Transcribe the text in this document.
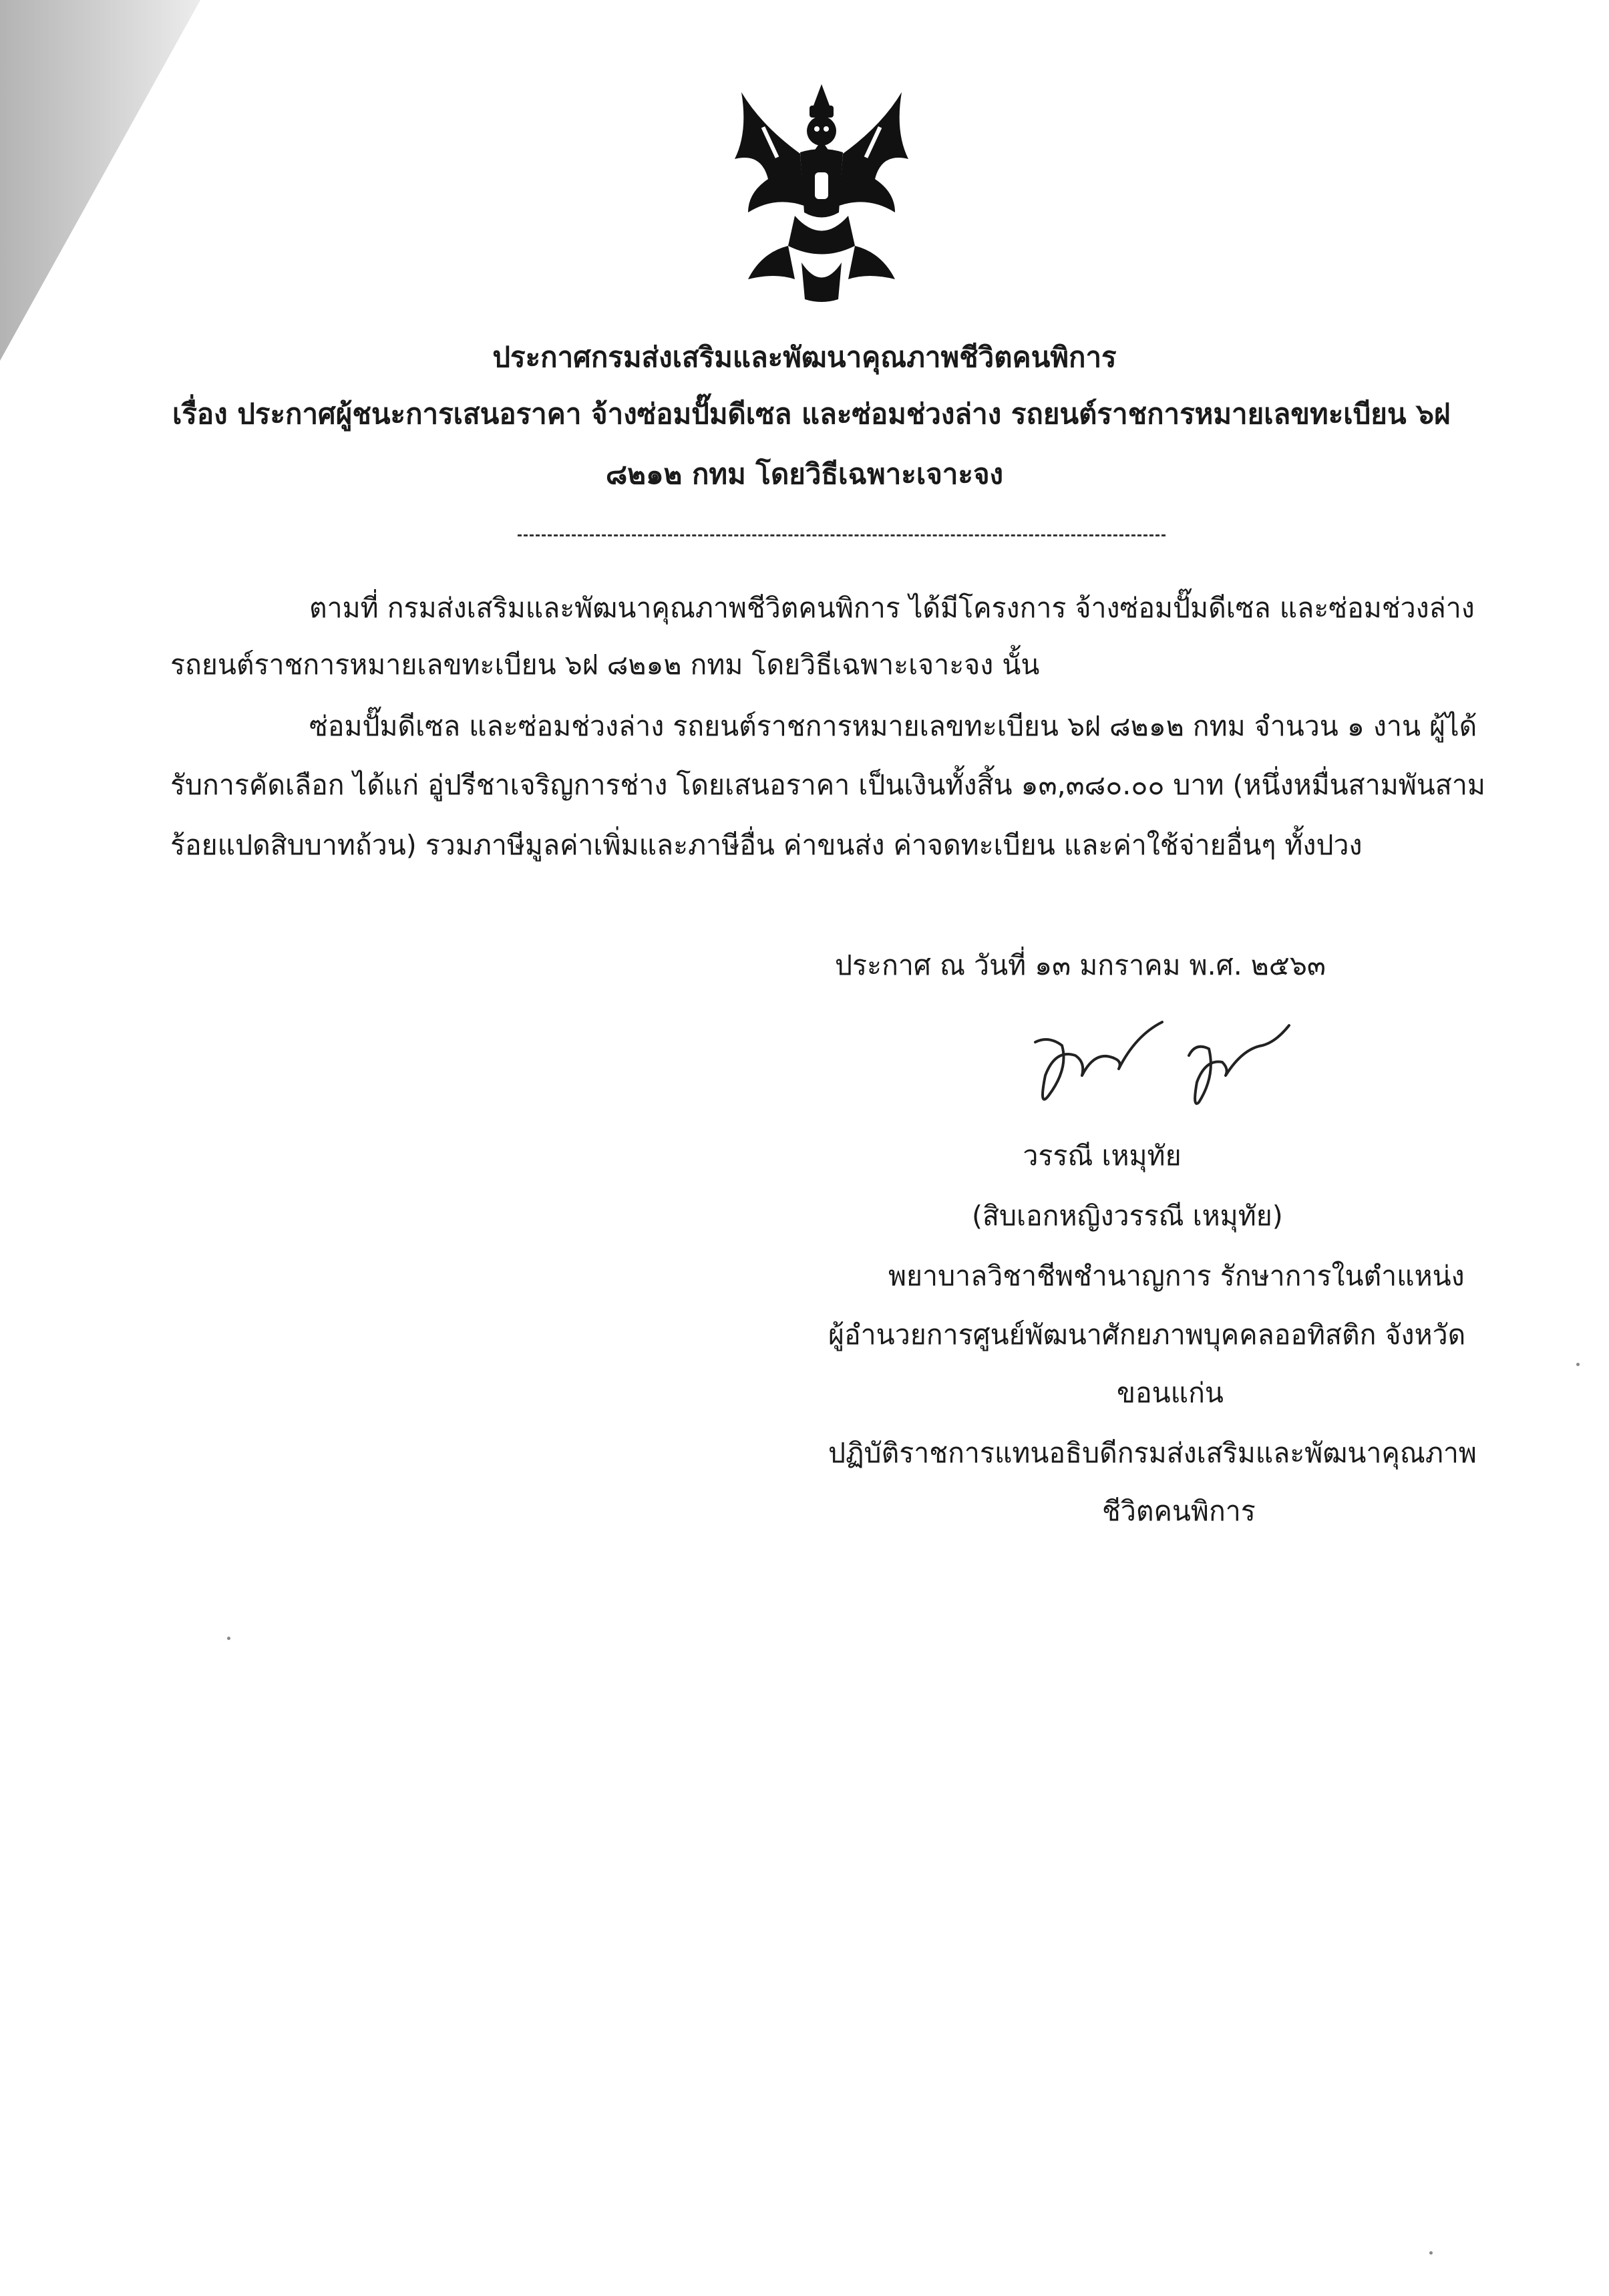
ประกาศกรมส่งเสริมและพัฒนาคุณภาพชีวิตคนพิการ
เรื่อง ประกาศผู้ชนะการเสนอราคา จ้างซ่อมปั๊มดีเซล และซ่อมช่วงล่าง รถยนต์ราชการหมายเลขทะเบียน ๖ฝ
๘๒๑๒ กทม โดยวิธีเฉพาะเจาะจง
ตามที่ กรมส่งเสริมและพัฒนาคุณภาพชีวิตคนพิการ ได้มีโครงการ จ้างซ่อมปั๊มดีเซล และซ่อมช่วงล่าง
รถยนต์ราชการหมายเลขทะเบียน ๖ฝ ๘๒๑๒ กทม โดยวิธีเฉพาะเจาะจง นั้น
ซ่อมปั๊มดีเซล และซ่อมช่วงล่าง รถยนต์ราชการหมายเลขทะเบียน ๖ฝ ๘๒๑๒ กทม จำนวน ๑ งาน ผู้ได้
รับการคัดเลือก ได้แก่ อู่ปรีชาเจริญการช่าง โดยเสนอราคา เป็นเงินทั้งสิ้น ๑๓,๓๘๐.๐๐ บาท (หนึ่งหมื่นสามพันสาม
ร้อยแปดสิบบาทถ้วน) รวมภาษีมูลค่าเพิ่มและภาษีอื่น ค่าขนส่ง ค่าจดทะเบียน และค่าใช้จ่ายอื่นๆ ทั้งปวง
ประกาศ ณ วันที่ ๑๓ มกราคม พ.ศ. ๒๕๖๓
วรรณี เหมุทัย
(สิบเอกหญิงวรรณี เหมุทัย)
พยาบาลวิชาชีพชำนาญการ รักษาการในตำแหน่ง
ผู้อำนวยการศูนย์พัฒนาศักยภาพบุคคลออทิสติก จังหวัด
ขอนแก่น
ปฏิบัติราชการแทนอธิบดีกรมส่งเสริมและพัฒนาคุณภาพ
ชีวิตคนพิการ
